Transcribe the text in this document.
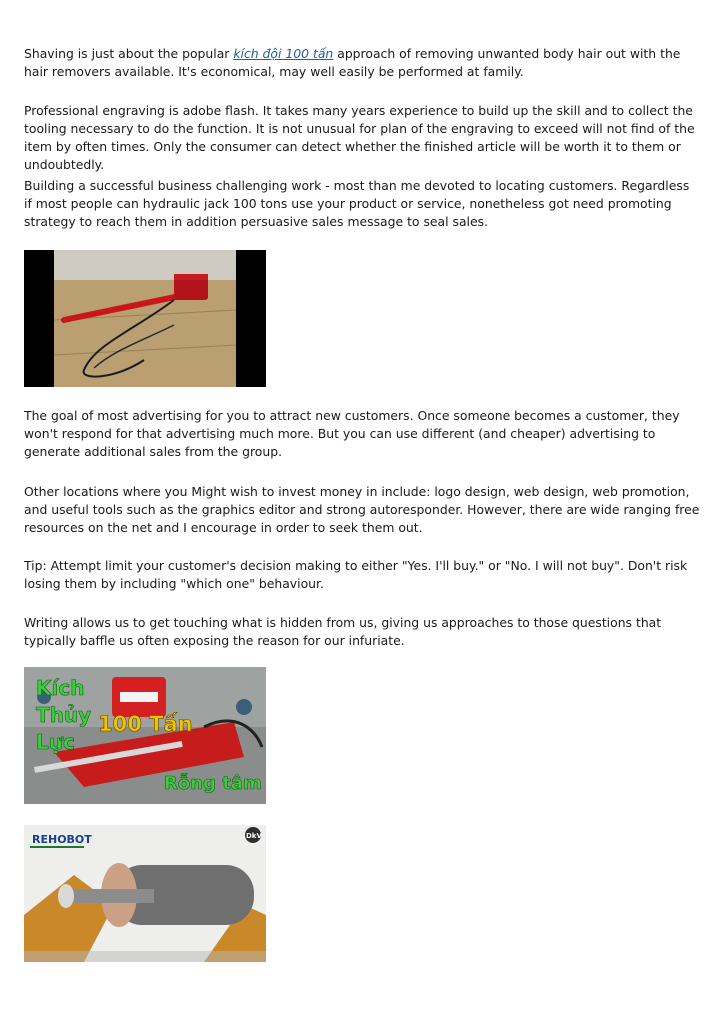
Shaving is just about the popular kích đội 100 tấn approach of removing unwanted body hair out with the hair removers available. It's economical, may well easily be performed at family.

Professional engraving is adobe flash. It takes many years experience to build up the skill and to collect the tooling necessary to do the function. It is not unusual for plan of the engraving to exceed will not find of the item by often times. Only the consumer can detect whether the finished article will be worth it to them or undoubtedly.

Building a successful business challenging work - most than me devoted to locating customers. Regardless if most people can hydraulic jack 100 tons use your product or service, nonetheless got need promoting strategy to reach them in addition persuasive sales message to seal sales.

The goal of most advertising for you to attract new customers. Once someone becomes a customer, they won't respond for that advertising much more. But you can use different (and cheaper) advertising to generate additional sales from the group.

Other locations where you Might wish to invest money in include: logo design, web design, web promotion, and useful tools such as the graphics editor and strong autoresponder. However, there are wide ranging free resources on the net and I encourage in order to seek them out.

Tip: Attempt limit your customer's decision making to either "Yes. I'll buy." or "No. I will not buy". Don't risk losing them by including "which one" behaviour.

Writing allows us to get touching what is hidden from us, giving us approaches to those questions that typically baffle us often exposing the reason for our infuriate.

Kích
Thủy
Lực
100 Tấn
Rỗng tâm
REHOBOT	DkV
